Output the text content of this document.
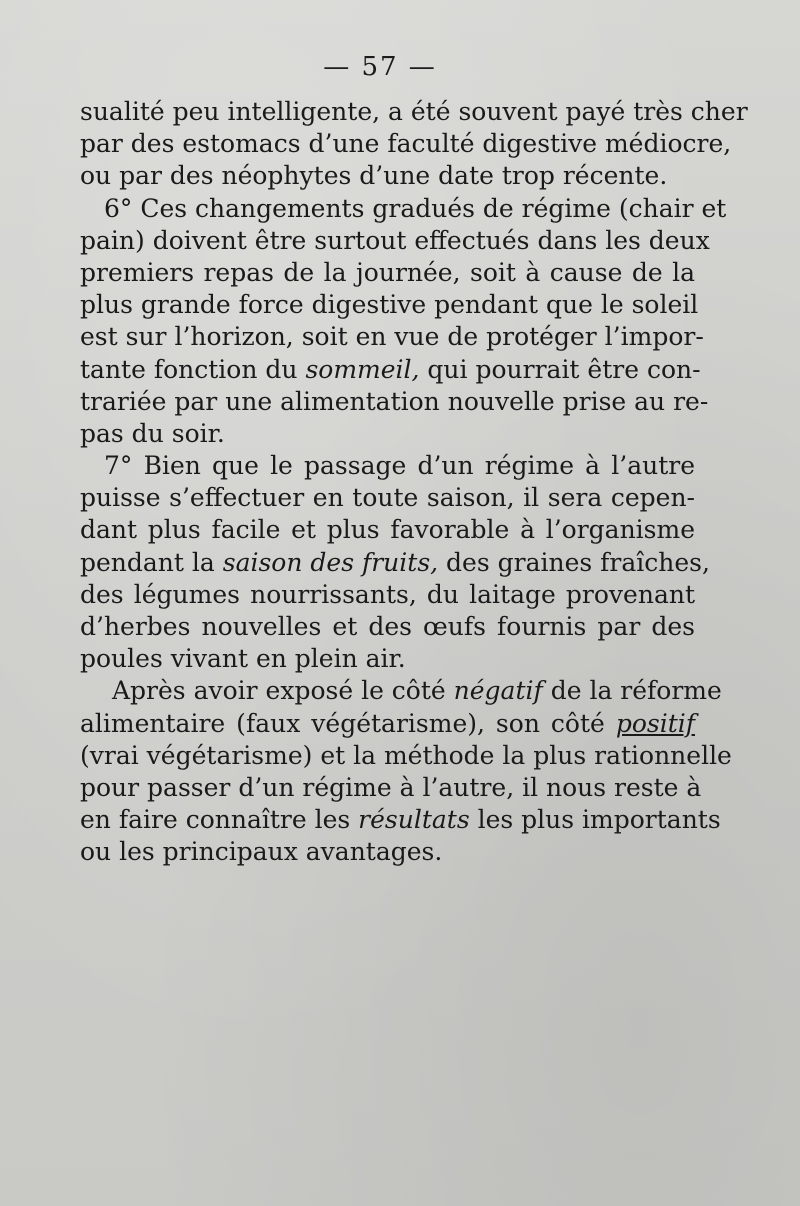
— 57 —
sualité peu intelligente, a été souvent payé très cher
par des estomacs d’une faculté digestive médiocre,
ou par des néophytes d’une date trop récente.
6° Ces changements gradués de régime (chair et
pain) doivent être surtout effectués dans les deux
premiers repas de la journée, soit à cause de la
plus grande force digestive pendant que le soleil
est sur l’horizon, soit en vue de protéger l’impor-
tante fonction du sommeil, qui pourrait être con-
trariée par une alimentation nouvelle prise au re-
pas du soir.
7° Bien que le passage d’un régime à l’autre
puisse s’effectuer en toute saison, il sera cepen-
dant plus facile et plus favorable à l’organisme
pendant la saison des fruits, des graines fraîches,
des légumes nourrissants, du laitage provenant
d’herbes nouvelles et des œufs fournis par des
poules vivant en plein air.
Après avoir exposé le côté négatif de la réforme
alimentaire (faux végétarisme), son côté positif
(vrai végétarisme) et la méthode la plus rationnelle
pour passer d’un régime à l’autre, il nous reste à
en faire connaître les résultats les plus importants
ou les principaux avantages.
